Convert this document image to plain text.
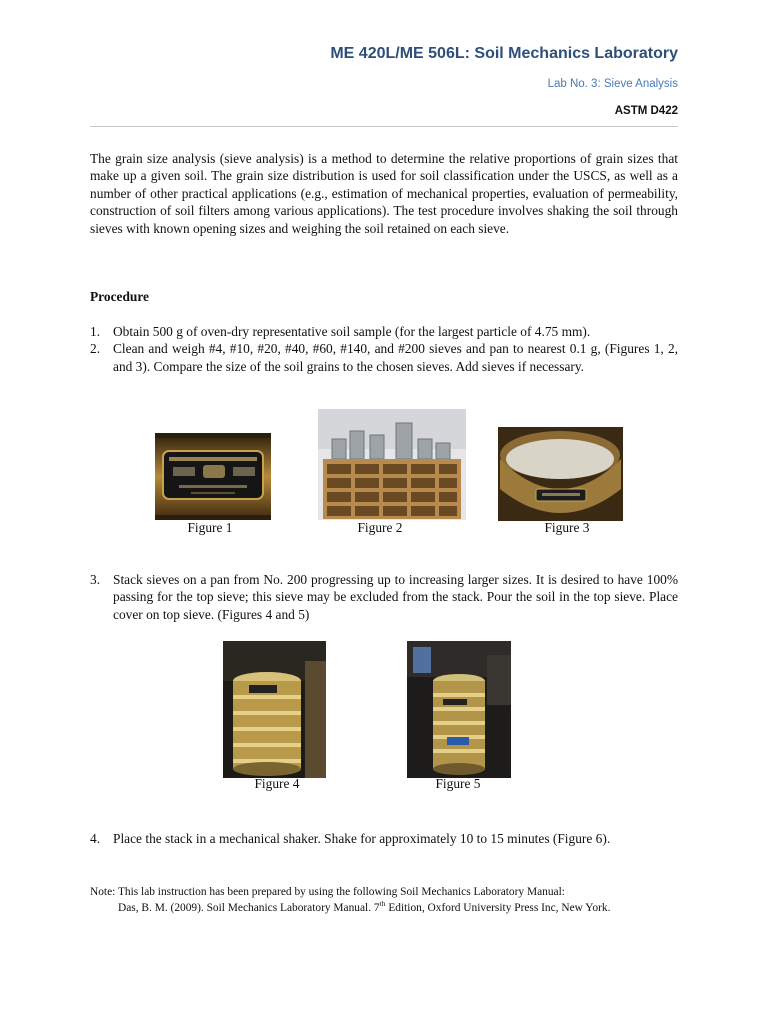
ME 420L/ME 506L: Soil Mechanics Laboratory
Lab No. 3: Sieve Analysis
ASTM D422
The grain size analysis (sieve analysis) is a method to determine the relative proportions of grain sizes that make up a given soil. The grain size distribution is used for soil classification under the USCS, as well as a number of other practical applications (e.g., estimation of mechanical properties, evaluation of permeability, construction of soil filters among various applications). The test procedure involves shaking the soil through sieves with known opening sizes and weighing the soil retained on each sieve.
Procedure
1. Obtain 500 g of oven-dry representative soil sample (for the largest particle of 4.75 mm).
2. Clean and weigh #4, #10, #20, #40, #60, #140, and #200 sieves and pan to nearest 0.1 g, (Figures 1, 2, and 3). Compare the size of the soil grains to the chosen sieves. Add sieves if necessary.
Figure 1	Figure 2	Figure 3
3. Stack sieves on a pan from No. 200 progressing up to increasing larger sizes. It is desired to have 100% passing for the top sieve; this sieve may be excluded from the stack. Pour the soil in the top sieve. Place cover on top sieve. (Figures 4 and 5)
Figure 4	Figure 5
4. Place the stack in a mechanical shaker. Shake for approximately 10 to 15 minutes (Figure 6).
Note: This lab instruction has been prepared by using the following Soil Mechanics Laboratory Manual:
Das, B. M. (2009). Soil Mechanics Laboratory Manual. 7th Edition, Oxford University Press Inc, New York.
